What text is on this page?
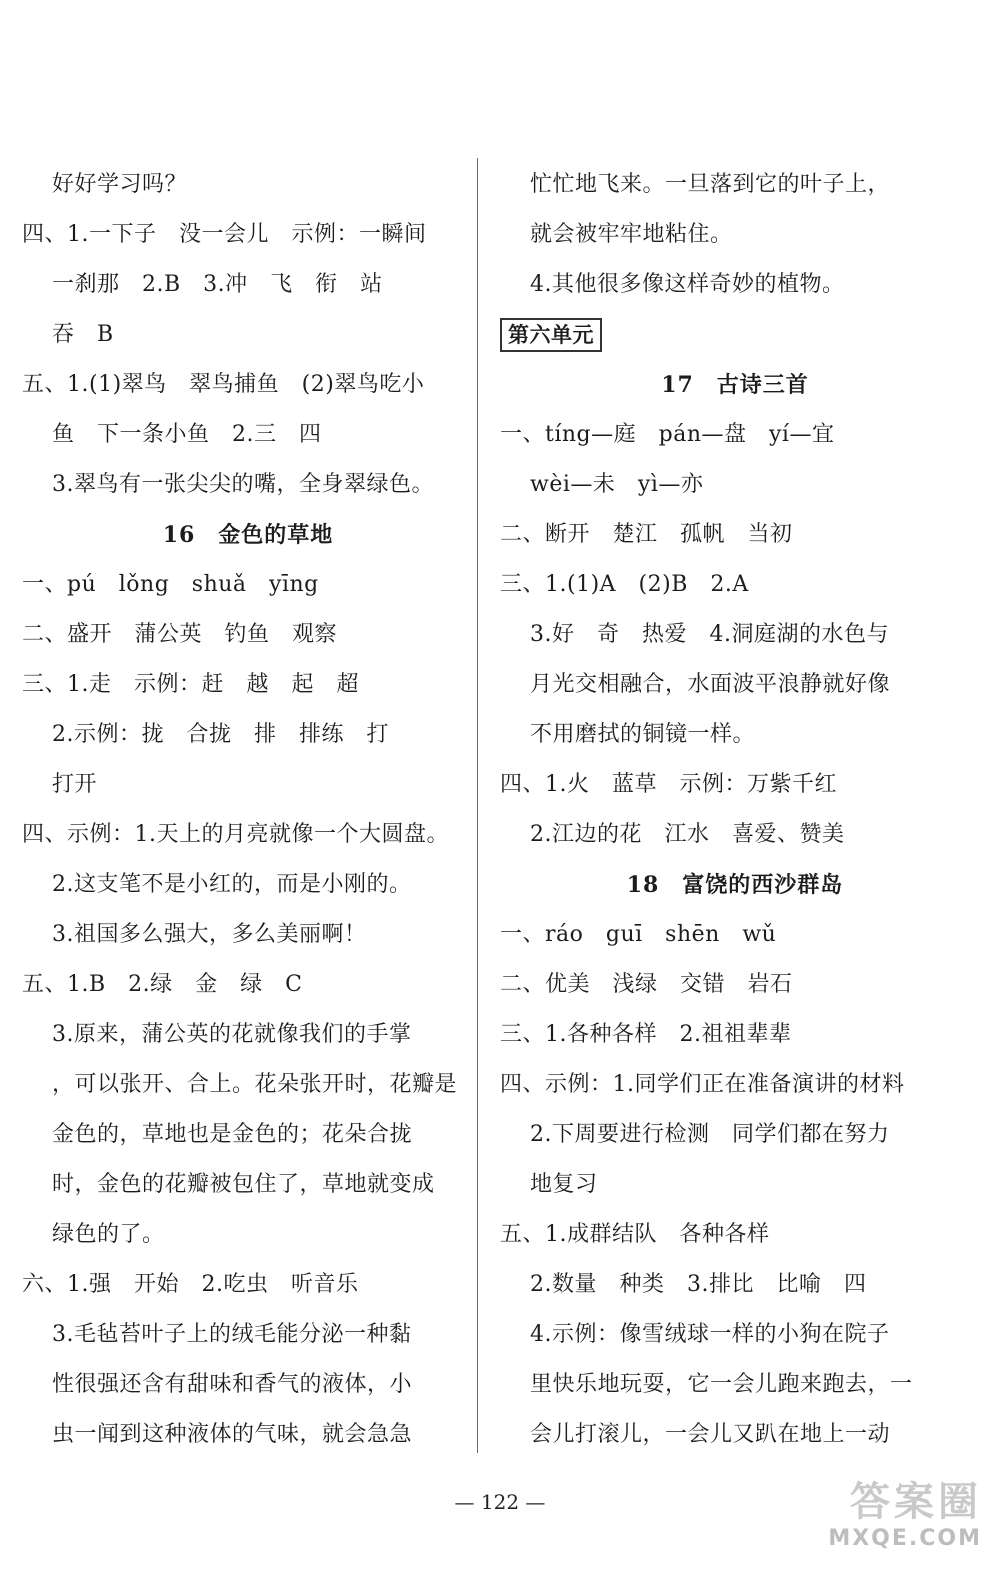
好好学习吗？
四、1.一下子　没一会儿　示例：一瞬间
一刹那　2.B　3.冲　飞　衔　站
吞　B
五、1.(1)翠鸟　翠鸟捕鱼　(2)翠鸟吃小
鱼　下一条小鱼　2.三　四
3.翠鸟有一张尖尖的嘴，全身翠绿色。
16　金色的草地
一、pú　lǒng　shuǎ　yīng
二、盛开　蒲公英　钓鱼　观察
三、1.走　示例：赶　越　起　超
2.示例：拢　合拢　排　排练　打
打开
四、示例：1.天上的月亮就像一个大圆盘。
2.这支笔不是小红的，而是小刚的。
3.祖国多么强大，多么美丽啊！
五、1.B　2.绿　金　绿　C
3.原来，蒲公英的花就像我们的手掌
，可以张开、合上。花朵张开时，花瓣是
金色的，草地也是金色的；花朵合拢
时，金色的花瓣被包住了，草地就变成
绿色的了。
六、1.强　开始　2.吃虫　听音乐
3.毛毡苔叶子上的绒毛能分泌一种黏
性很强还含有甜味和香气的液体，小
虫一闻到这种液体的气味，就会急急
忙忙地飞来。一旦落到它的叶子上，
就会被牢牢地粘住。
4.其他很多像这样奇妙的植物。
第六单元
17　古诗三首
一、tíng—庭　pán—盘　yí—宜
wèi—未　yì—亦
二、断开　楚江　孤帆　当初
三、1.(1)A　(2)B　2.A
3.好　奇　热爱　4.洞庭湖的水色与
月光交相融合，水面波平浪静就好像
不用磨拭的铜镜一样。
四、1.火　蓝草　示例：万紫千红
2.江边的花　江水　喜爱、赞美
18　富饶的西沙群岛
一、ráo　guī　shēn　wǔ
二、优美　浅绿　交错　岩石
三、1.各种各样　2.祖祖辈辈
四、示例：1.同学们正在准备演讲的材料
2.下周要进行检测　同学们都在努力
地复习
五、1.成群结队　各种各样
2.数量　种类　3.排比　比喻　四
4.示例：像雪绒球一样的小狗在院子
里快乐地玩耍，它一会儿跑来跑去，一
会儿打滚儿，一会儿又趴在地上一动
— 122 —	答案圈
MXQE.COM
